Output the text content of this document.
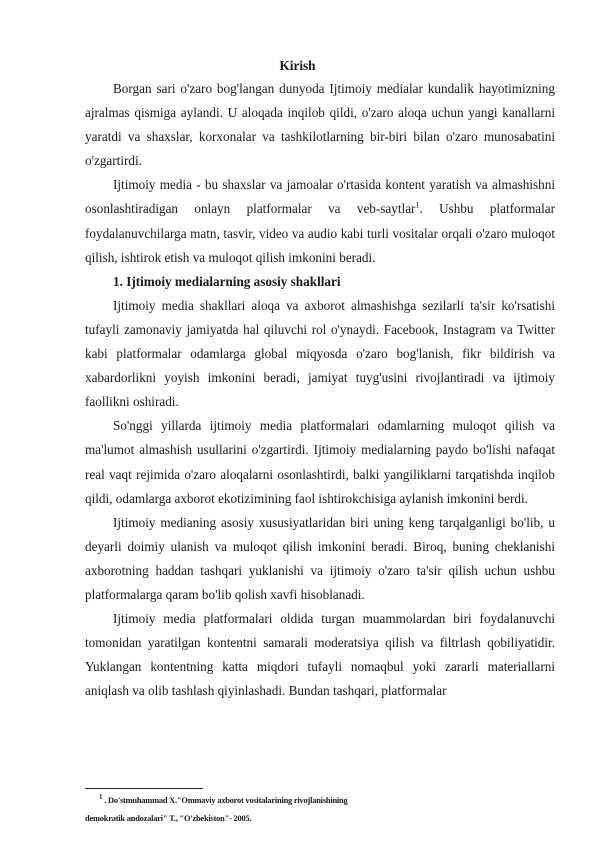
Kirish

Borgan sari o'zaro bog'langan dunyoda Ijtimoiy medialar kundalik hayotimizning ajralmas qismiga aylandi. U aloqada inqilob qildi, o'zaro aloqa uchun yangi kanallarni yaratdi va shaxslar, korxonalar va tashkilotlarning bir-biri bilan o'zaro munosabatini o'zgartirdi.

Ijtimoiy media - bu shaxslar va jamoalar o'rtasida kontent yaratish va almashishni osonlashtiradigan onlayn platformalar va veb-saytlar$^1$. Ushbu platformalar foydalanuvchilarga matn, tasvir, video va audio kabi turli vositalar orqali o'zaro muloqot qilish, ishtirok etish va muloqot qilish imkonini beradi.

1. Ijtimoiy medialarning asosiy shakllari

Ijtimoiy media shakllari aloqa va axborot almashishga sezilarli ta'sir ko'rsatishi tufayli zamonaviy jamiyatda hal qiluvchi rol o'ynaydi. Facebook, Instagram va Twitter kabi platformalar odamlarga global miqyosda o'zaro bog'lanish, fikr bildirish va xabardorlikni yoyish imkonini beradi, jamiyat tuyg'usini rivojlantiradi va ijtimoiy faollikni oshiradi.

So'nggi yillarda ijtimoiy media platformalari odamlarning muloqot qilish va ma'lumot almashish usullarini o'zgartirdi. Ijtimoiy medialarning paydo bo'lishi nafaqat real vaqt rejimida o'zaro aloqalarni osonlashtirdi, balki yangiliklarni tarqatishda inqilob qildi, odamlarga axborot ekotizimining faol ishtirokchisiga aylanish imkonini berdi.

Ijtimoiy medianing asosiy xususiyatlaridan biri uning keng tarqalganligi bo'lib, u deyarli doimiy ulanish va muloqot qilish imkonini beradi. Biroq, buning cheklanishi axborotning haddan tashqari yuklanishi va ijtimoiy o'zaro ta'sir qilish uchun ushbu platformalarga qaram bo'lib qolish xavfi hisoblanadi.

Ijtimoiy media platformalari oldida turgan muammolardan biri foydalanuvchi tomonidan yaratilgan kontentni samarali moderatsiya qilish va filtrlash qobiliyatidir. Yuklangan kontentning katta miqdori tufayli nomaqbul yoki zararli materiallarni aniqlash va olib tashlash qiyinlashadi. Bundan tashqari, platformalar

$^1$ . Do'stmuhammad X."Ommaviy axborot vositalarining rivojlanishining
demokratik andozalari" T., "O'zbekiston"- 2005.
